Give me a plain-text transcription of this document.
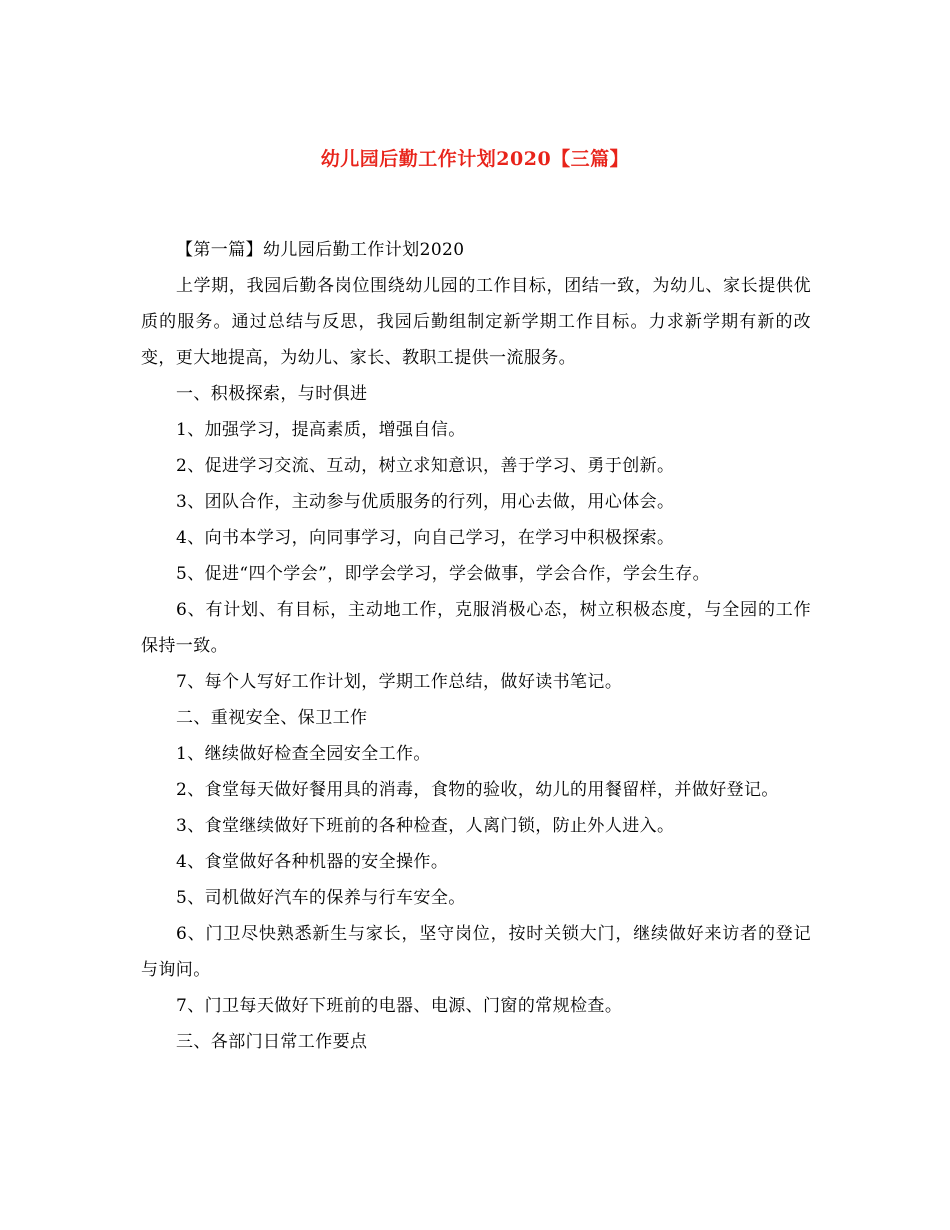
幼儿园后勤工作计划2020【三篇】

【第一篇】幼儿园后勤工作计划2020

上学期，我园后勤各岗位围绕幼儿园的工作目标，团结一致，为幼儿、家长提供优质的服务。通过总结与反思，我园后勤组制定新学期工作目标。力求新学期有新的改变，更大地提高，为幼儿、家长、教职工提供一流服务。

一、积极探索，与时俱进

1、加强学习，提高素质，增强自信。

2、促进学习交流、互动，树立求知意识，善于学习、勇于创新。

3、团队合作，主动参与优质服务的行列，用心去做，用心体会。

4、向书本学习，向同事学习，向自己学习，在学习中积极探索。

5、促进“四个学会”，即学会学习，学会做事，学会合作，学会生存。

6、有计划、有目标，主动地工作，克服消极心态，树立积极态度，与全园的工作保持一致。

7、每个人写好工作计划，学期工作总结，做好读书笔记。

二、重视安全、保卫工作

1、继续做好检查全园安全工作。

2、食堂每天做好餐用具的消毒，食物的验收，幼儿的用餐留样，并做好登记。

3、食堂继续做好下班前的各种检查，人离门锁，防止外人进入。

4、食堂做好各种机器的安全操作。

5、司机做好汽车的保养与行车安全。

6、门卫尽快熟悉新生与家长，坚守岗位，按时关锁大门，继续做好来访者的登记与询问。

7、门卫每天做好下班前的电器、电源、门窗的常规检查。

三、各部门日常工作要点
